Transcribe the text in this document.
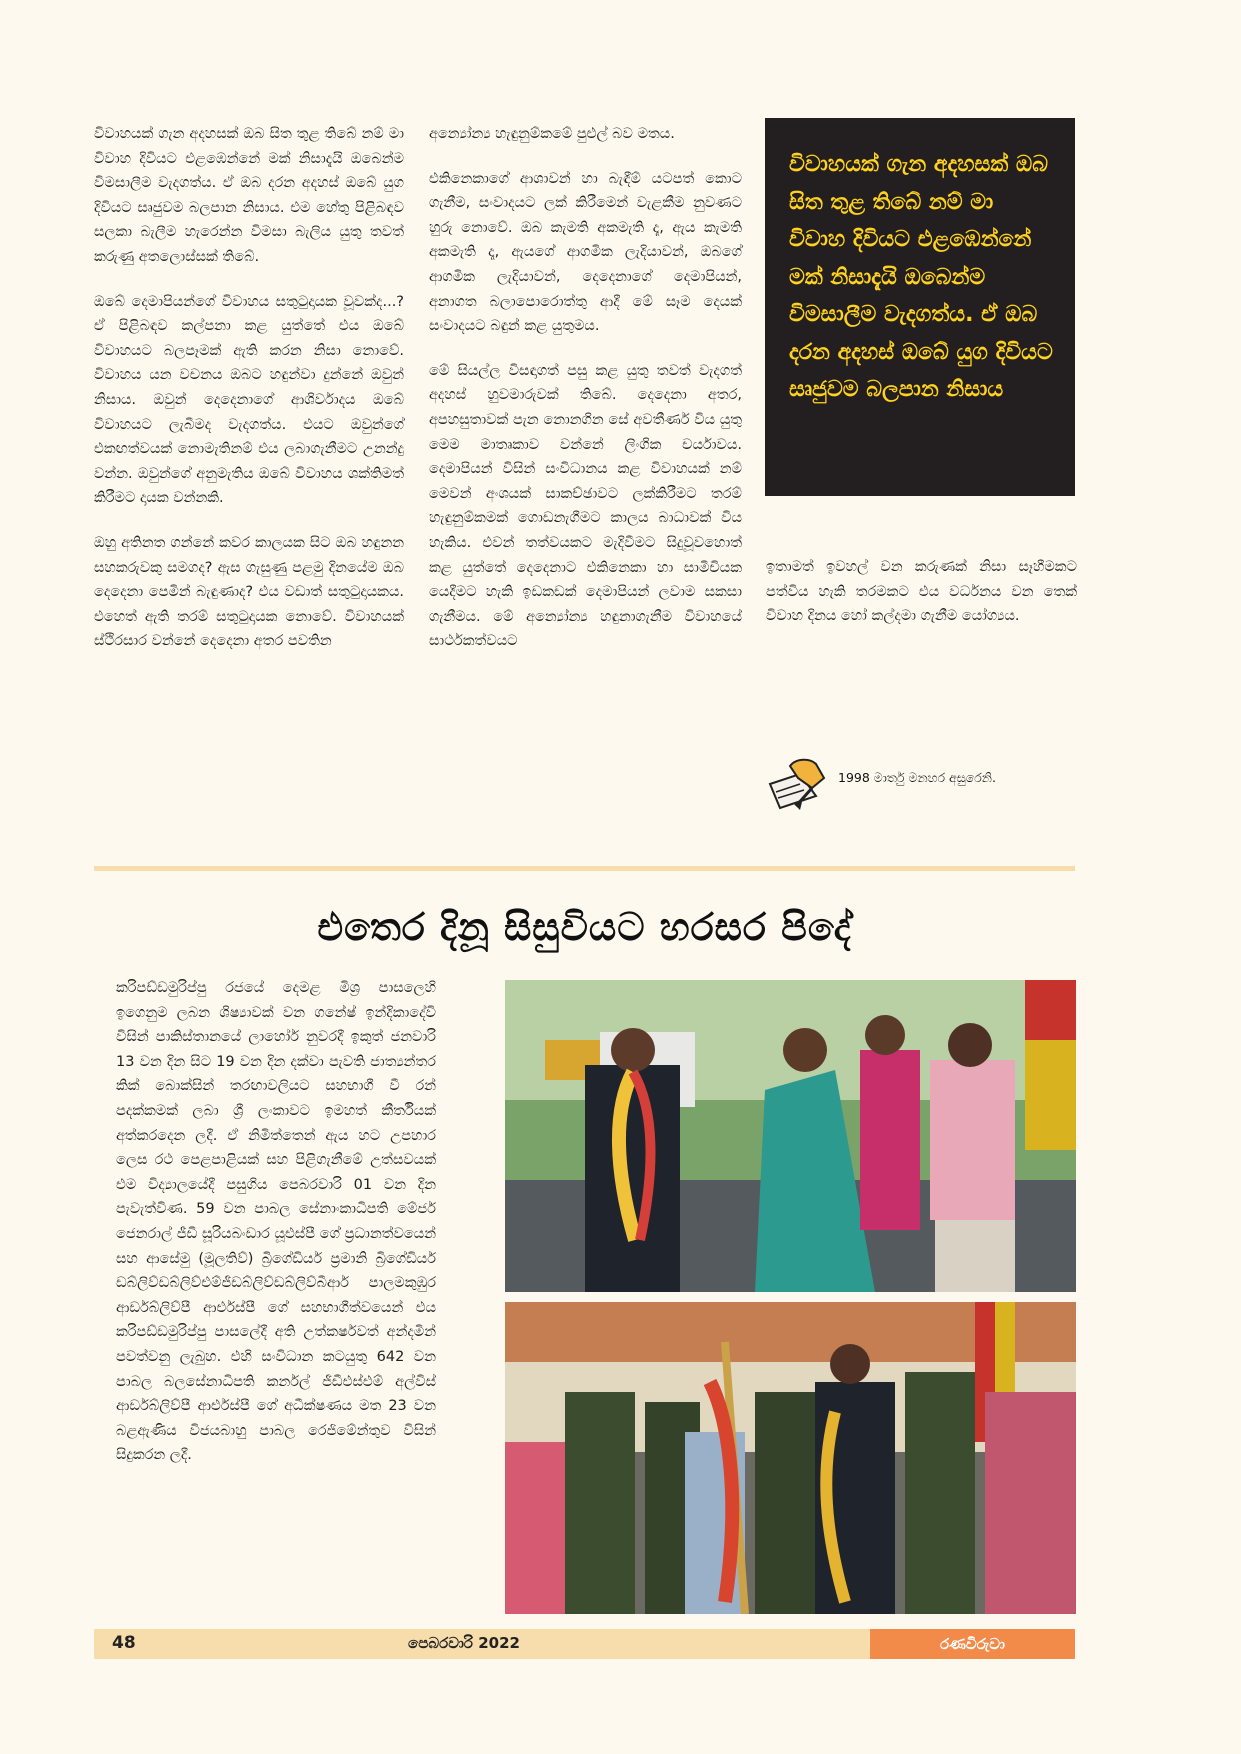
විවාහයක් ගැන අදහසක් ඔබ සිත තුළ තිබේ නම් මා විවාහ දිවියට එළඹෙන්නේ මක් නිසාදැයි ඔබෙන්ම විමසාලීම වැදගත්ය. ඒ ඔබ දරන අදහස් ඔබේ යුග දිවියට සෘජුවම බලපාන නිසාය. එම හේතු පිළිබඳව සලකා බැලීම හැරෙන්න විමසා බැලිය යුතු තවත් කරුණු අතලොස්සක් තිබේ.

ඔබේ දෙමාපියන්ගේ විවාහය සතුටුදායක වූවක්ද...? ඒ පිළිබඳව කල්පනා කළ යුත්තේ එය ඔබේ විවාහයට බලපෑමක් ඇති කරන නිසා නොවේ. විවාහය යන වචනය ඔබට හඳුන්වා දුන්නේ ඔවුන් නිසාය. ඔවුන් දෙදෙනාගේ ආශිර්වාදය ඔබේ විවාහයට ලැබීමද වැදගත්ය. එයට ඔවුන්ගේ එකඟත්වයක් නොමැතිනම් එය ලබාගැනීමට උනන්දු වන්න. ඔවුන්ගේ අනුමැතිය ඔබේ විවාහය ශක්තිමත් කිරීමට දායක වන්නකි.

ඔහු අතිනත ගන්නේ කවර කාලයක සිට ඔබ හඳුනන සහකරුවකු සමගද? ඇස ගැසුණු පළමු දිනයේම ඔබ දෙදෙනා පෙමින් බැඳුණාද? එය වඩාත් සතුටුදායකය. එහෙත් ඇති තරම් සතුටුදායක නොවේ. විවාහයක් ස්ථිරසාර වන්නේ දෙදෙනා අතර පවතින

අන්‍යෝන්‍ය හැඳුනුම්කමේ පුළුල් බව මතය.

එකිනෙකාගේ ආශාවන් හා බැඳීම් යටපත් කොට ගැනීම, සංවාදයට ලක් කිරීමෙන් වැළකීම නුවණට හුරු නොවේ. ඔබ කැමති අකමැති දෑ, ඇය කැමති අකමැති දෑ, ඇයගේ ආගමික ලැදියාවන්, ඔබගේ ආගමික ලැදියාවන්, දෙදෙනාගේ දෙමාපියන්, අනාගත බලාපොරොත්තු ආදී මේ සෑම දෙයක් සංවාදයට බඳුන් කළ යුතුමය.

මේ සියල්ල විසඳාගත් පසු කළ යුතු තවත් වැදගත් අදහස් හුවමාරුවක් තිබේ. දෙදෙනා අතර, අපහසුතාවක් පැන නොනගින සේ අවතීර්ණ විය යුතු මෙම මාතෘකාව වන්නේ ලිංගික චර්යාවය. දෙමාපියන් විසින් සංවිධානය කළ විවාහයක් නම් මෙවන් අංශයක් සාකච්ඡාවට ලක්කිරීමට තරම් හැඳුනුම්කමක් ගොඩනැගීමට කාලය බාධාවක් විය හැකිය. එවන් තත්වයකට මැදිවීමට සිදුවූවහොත් කළ යුත්තේ දෙදෙනාට එකිනෙකා හා සාමීචියක යෙදීමට හැකි ඉඩකඩක් දෙමාපියන් ලවාම සකසා ගැනීමය. මේ අන්‍යෝන්‍ය හඳුනාගැනීම විවාහයේ සාර්ථකත්වයට

විවාහයක් ගැන අදහසක් ඔබ සිත තුළ තිබේ නම් මා විවාහ දිවියට එළඹෙන්නේ මක් නිසාදැයි ඔබෙන්ම විමසාලීම වැදගත්ය. ඒ ඔබ දරන අදහස් ඔබේ යුග දිවියට සෘජුවම බලපාන නිසාය

ඉතාමත් ඉවහල් වන කරුණක් නිසා සෑහීමකට පත්විය හැකි තරමකට එය වර්ධනය වන තෙක් විවාහ දිනය හෝ කල්දමා ගැනීම යෝග්‍යය.

1998 මාර්තු මනහර අසුරෙනි.
එතෙර දිනූ සිසුවියට හරසර පිදේ

කරිපඩ්ඩමුරිප්පු රජයේ දෙමළ මිශ්‍ර පාසලෙහි ඉගෙනුම ලබන ශිෂ්‍යාවක් වන ගනේෂ් ඉන්දිකාදේවි විසින් පාකිස්තානයේ ලාහෝර් නුවරදී ඉකුත් ජනවාරි 13 වන දින සිට 19 වන දින දක්වා පැවති ජාත්‍යන්තර කික් බොක්සින් තරඟාවලියට සහභාගී වී රන් පදක්කමක් ලබා ශ්‍රී ලංකාවට ඉමහත් කීර්තියක් අත්කරදෙන ලදී. ඒ නිමිත්තෙන් ඇය හට උපහාර ලෙස රථ පෙළපාළියක් සහ පිළිගැනීමේ උත්සවයක් එම විද්‍යාලයේදී පසුගිය පෙබරවාරි 01 වන දින පැවැත්විණ. 59 වන පාබල සේනාංකාධිපති මේජර් ජෙනරාල් ජීඩී සූරියබංඩාර යූඑස්පී ගේ ප්‍රධානත්වයෙන් සහ ආසේමු (මූලතිව්) බ්‍රිගේඩියර් ප්‍රමානි බ්‍රිගේඩියර් ඩබ්ලිව්ඩබ්ලිව්එම්ජීඩබ්ලිව්ඩබ්ලිව්බීආර් පාලමකුඹුර ආර්ඩබ්ලිව්පී ආර්එස්පී ගේ සහභාගීත්වයෙන් එය කරිපඩ්ඩමුරිප්පු පාසලේදී අති උත්කර්ෂවත් අන්දමින් පවත්වනු ලැබුහ. එහි සංවිධාන කටයුතු 642 වන පාබල බලසේනාධිපති කර්නල් ජීඩීඑස්එම් අල්විස් ආර්ඩබ්ලිව්පී ආර්එස්පී ගේ අධීක්ෂණය මත 23 වන බළඇණිය විජයබාහු පාබල රෙජිමේන්තුව විසින් සිදුකරන ලදී.

48	පෙබරවාරි 2022	රණවිරුවා
